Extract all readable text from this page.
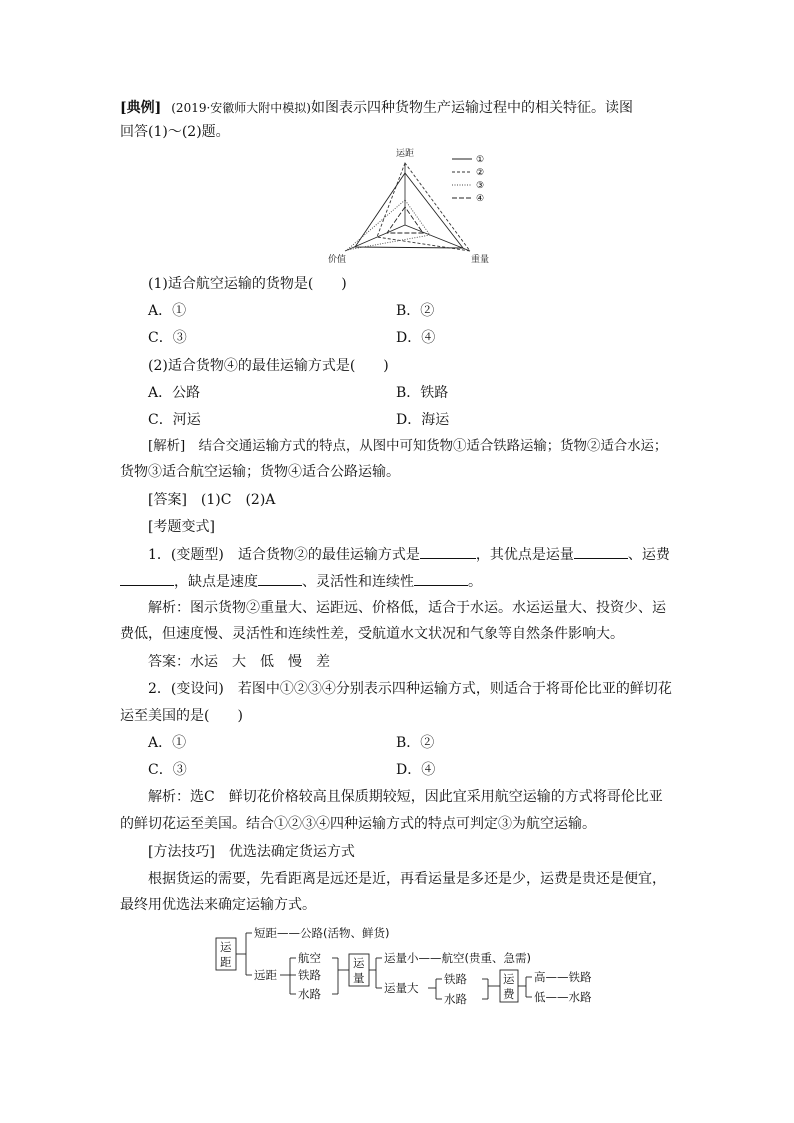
[典例] (2019·安徽师大附中模拟)如图表示四种货物生产运输过程中的相关特征。读图
回答(1)～(2)题。
运距
价值	重量
①
②
③
④
(1)适合航空运输的货物是(　　)
A．①	B．②
C．③	D．④
(2)适合货物④的最佳运输方式是(　　)
A．公路	B．铁路
C．河运	D．海运
[解析]　结合交通运输方式的特点，从图中可知货物①适合铁路运输；货物②适合水运；
货物③适合航空运输；货物④适合公路运输。
[答案]　(1)C　(2)A
[考题变式]
1．(变题型)　适合货物②的最佳运输方式是	，其优点是运量	、运费
，缺点是速度	、灵活性和连续性	。
解析：图示货物②重量大、运距远、价格低，适合于水运。水运运量大、投资少、运
费低，但速度慢、灵活性和连续性差，受航道水文状况和气象等自然条件影响大。
答案：水运　大　低　慢　差
2．(变设问)　若图中①②③④分别表示四种运输方式，则适合于将哥伦比亚的鲜切花
运至美国的是(　　)
A．①	B．②
C．③	D．④
解析：选C　鲜切花价格较高且保质期较短，因此宜采用航空运输的方式将哥伦比亚
的鲜切花运至美国。结合①②③④四种运输方式的特点可判定③为航空运输。
[方法技巧]　优选法确定货运方式
根据货运的需要，先看距离是远还是近，再看运量是多还是少，运费是贵还是便宜，
最终用优选法来确定运输方式。
运
距
短距——公路(活物、鲜货)
远距
航空
铁路
水路
运
量
运量小——航空(贵重、急需)
运量大
铁路
水路
运
费
高——铁路
低——水路
